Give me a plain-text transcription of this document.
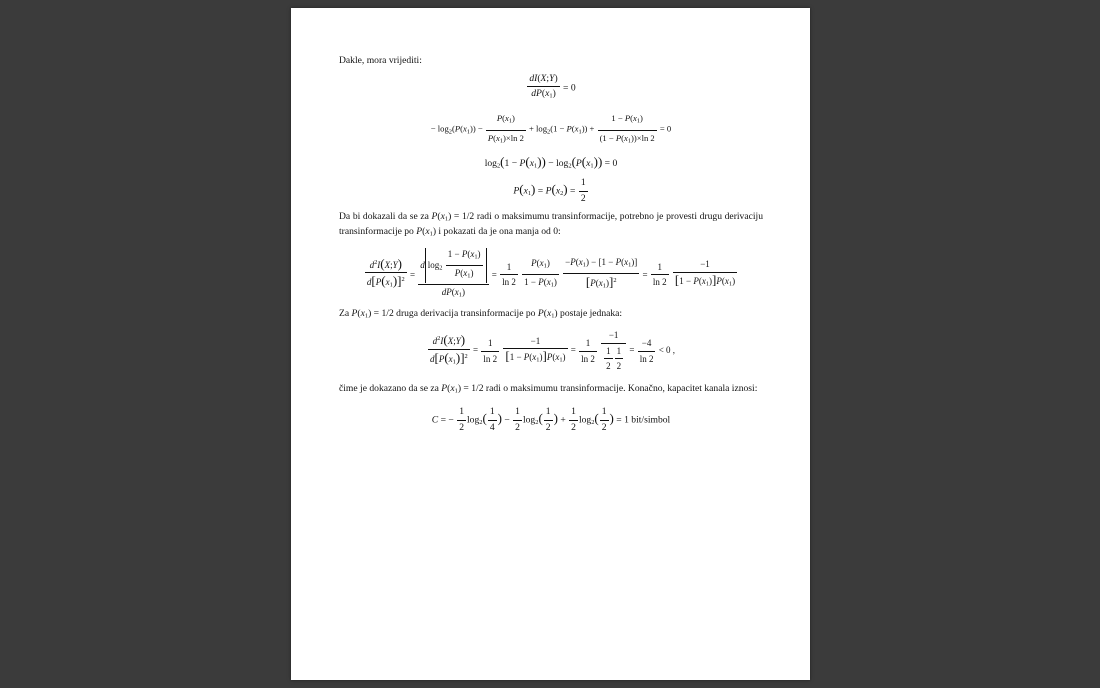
Dakle, mora vrijediti:

$\frac{dI(X;Y)}{dP(x_1)} = 0$
− $\log_2(P(x_1)) - \frac{P(x_1)}{P(x_1)\times\ln 2} + \log_2(1 - P(x_1)) + \frac{1 - P(x_1)}{(1 - P(x_1))\times\ln 2} = 0$
$\log_2(1 - P(x_1)) - \log_2(P(x_1)) = 0$
$P(x_1) = P(x_2) = \frac{1}{2}$

Da bi dokazali da se za $P(x_1) = 1/2$ radi o maksimumu transinformacije, potrebno je provesti drugu derivaciju transinformacije po $P(x_1)$ i pokazati da je ona manja od 0:

$\frac{d^2I(X;Y)}{d[P(x_1)]^2} = \frac{d \log_2 \frac{1 - P(x_1)}{P(x_1)}}{dP(x_1)} = \frac{1}{\ln 2}$
$\frac{P(x_1)}{1 - P(x_1)}$
$\frac{-P(x_1) - [1 - P(x_1)]}{[P(x_1)]^2} = \frac{1}{\ln 2}$
$\frac{-1}{[1 - P(x_1)]P(x_1)}$

Za $P(x_1) = 1/2$ druga derivacija transinformacije po $P(x_1)$ postaje jednaka:

$\frac{d^2I(X;Y)}{d[P(x_1)]^2} = \frac{1}{\ln 2}$
$\frac{-1}{[1 - P(x_1)]P(x_1)} = \frac{1}{\ln 2}$
$\frac{-1}{\frac{1}{2} \frac{1}{2}} = \frac{-4}{\ln 2} < 0$ ,

čime je dokazano da se za $P(x_1) = 1/2$ radi o maksimumu transinformacije. Konačno, kapacitet kanala iznosi:

C = − $\frac{1}{2} \log_2( \frac{1}{4}$ ) − $\frac{1}{2} \log_2( \frac{1}{2}$ ) + $\frac{1}{2} \log_2( \frac{1}{2}$ ) = 1 bit/simbol
